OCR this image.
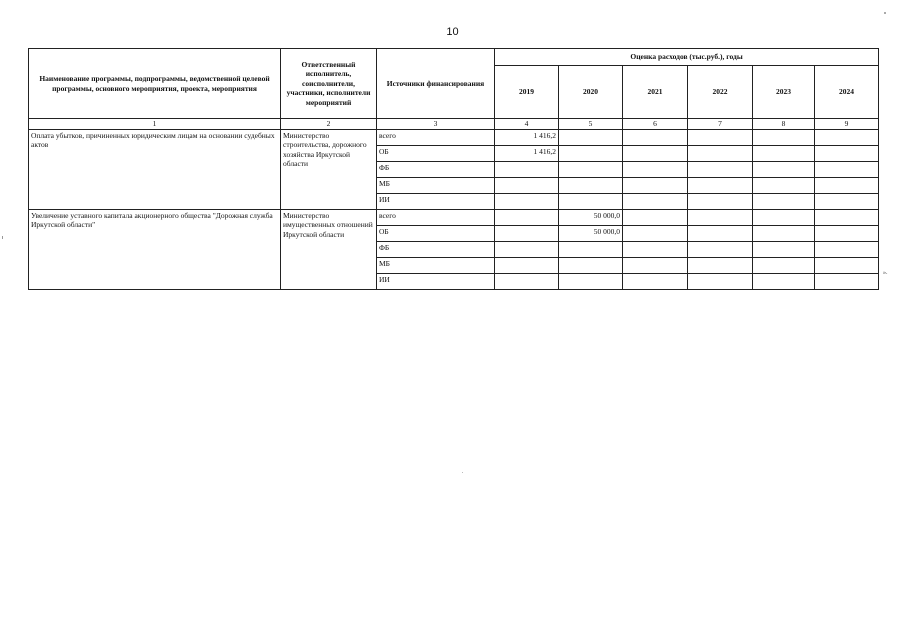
10
Наименование программы, подпрограммы, ведомственной целевой программы, основного мероприятия, проекта, мероприятия	Ответственный исполнитель, соисполнители, участники, исполнители мероприятий	Источники финансирования	Оценка расходов (тыс.руб.), годы					
			2019	2020	2021	2022	2023	2024
1	2	3	4	5	6	7	8	9
Оплата убытков, причиненных юридическим лицам на основании судебных актов	Министерство строительства, дорожного хозяйства Иркутской области	всего	1 416,2					
		ОБ	1 416,2					
		ФБ						
		МБ						
		ИИ						
Увеличение уставного капитала акционерного общества "Дорожная служба Иркутской области"	Министерство имущественных отношений Иркутской области	всего		50 000,0				
		ОБ		50 000,0				
		ФБ						
		МБ						
		ИИ						
».
